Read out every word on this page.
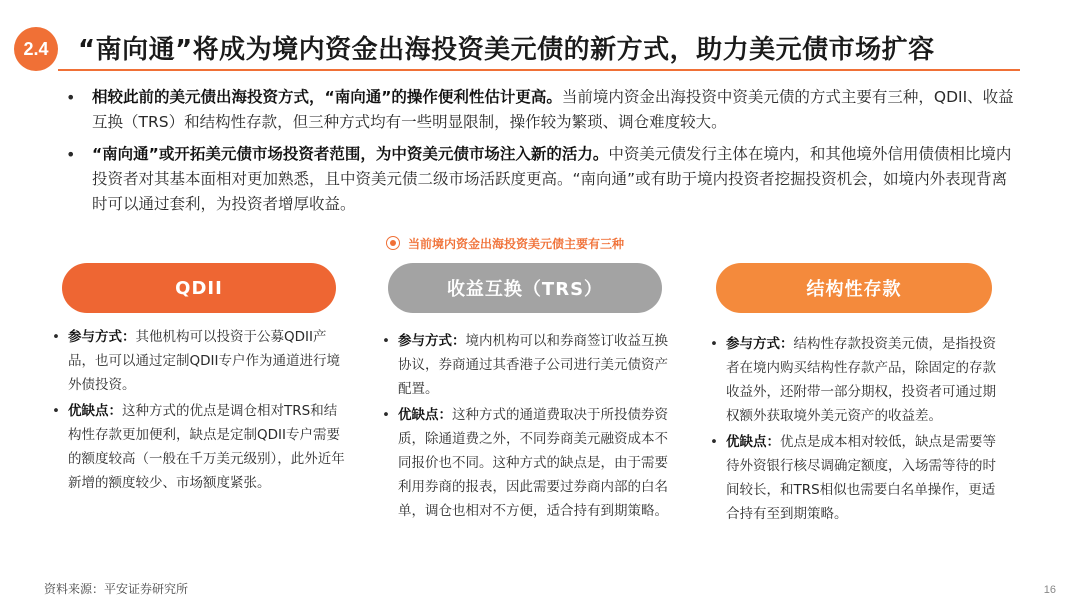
2.4	“南向通”将成为境内资金出海投资美元债的新方式，助力美元债市场扩容
• 相较此前的美元债出海投资方式，“南向通”的操作便利性估计更高。当前境内资金出海投资中资美元债的方式主要有三种，QDII、收益互换（TRS）和结构性存款，但三种方式均有一些明显限制，操作较为繁琐、调仓难度较大。
• “南向通”或开拓美元债市场投资者范围，为中资美元债市场注入新的活力。中资美元债发行主体在境内，和其他境外信用债债相比境内投资者对其基本面相对更加熟悉，且中资美元债二级市场活跃度更高。“南向通”或有助于境内投资者挖掘投资机会，如境内外表现背离时可以通过套利，为投资者增厚收益。
当前境内资金出海投资美元债主要有三种
QDII	收益互换（TRS）	结构性存款
• 参与方式：其他机构可以投资于公募QDII产品，也可以通过定制QDII专户作为通道进行境外债投资。
• 优缺点：这种方式的优点是调仓相对TRS和结构性存款更加便利，缺点是定制QDII专户需要的额度较高（一般在千万美元级别），此外近年新增的额度较少、市场额度紧张。
• 参与方式：境内机构可以和券商签订收益互换协议，券商通过其香港子公司进行美元债资产配置。
• 优缺点：这种方式的通道费取决于所投债券资质，除通道费之外，不同券商美元融资成本不同报价也不同。这种方式的缺点是，由于需要利用券商的报表，因此需要过券商内部的白名单，调仓也相对不方便，适合持有到期策略。
• 参与方式：结构性存款投资美元债，是指投资者在境内购买结构性存款产品，除固定的存款收益外，还附带一部分期权，投资者可通过期权额外获取境外美元资产的收益差。
• 优缺点：优点是成本相对较低，缺点是需要等待外资银行核尽调确定额度，入场需等待的时间较长，和TRS相似也需要白名单操作，更适合持有至到期策略。
资料来源：平安证券研究所	16
